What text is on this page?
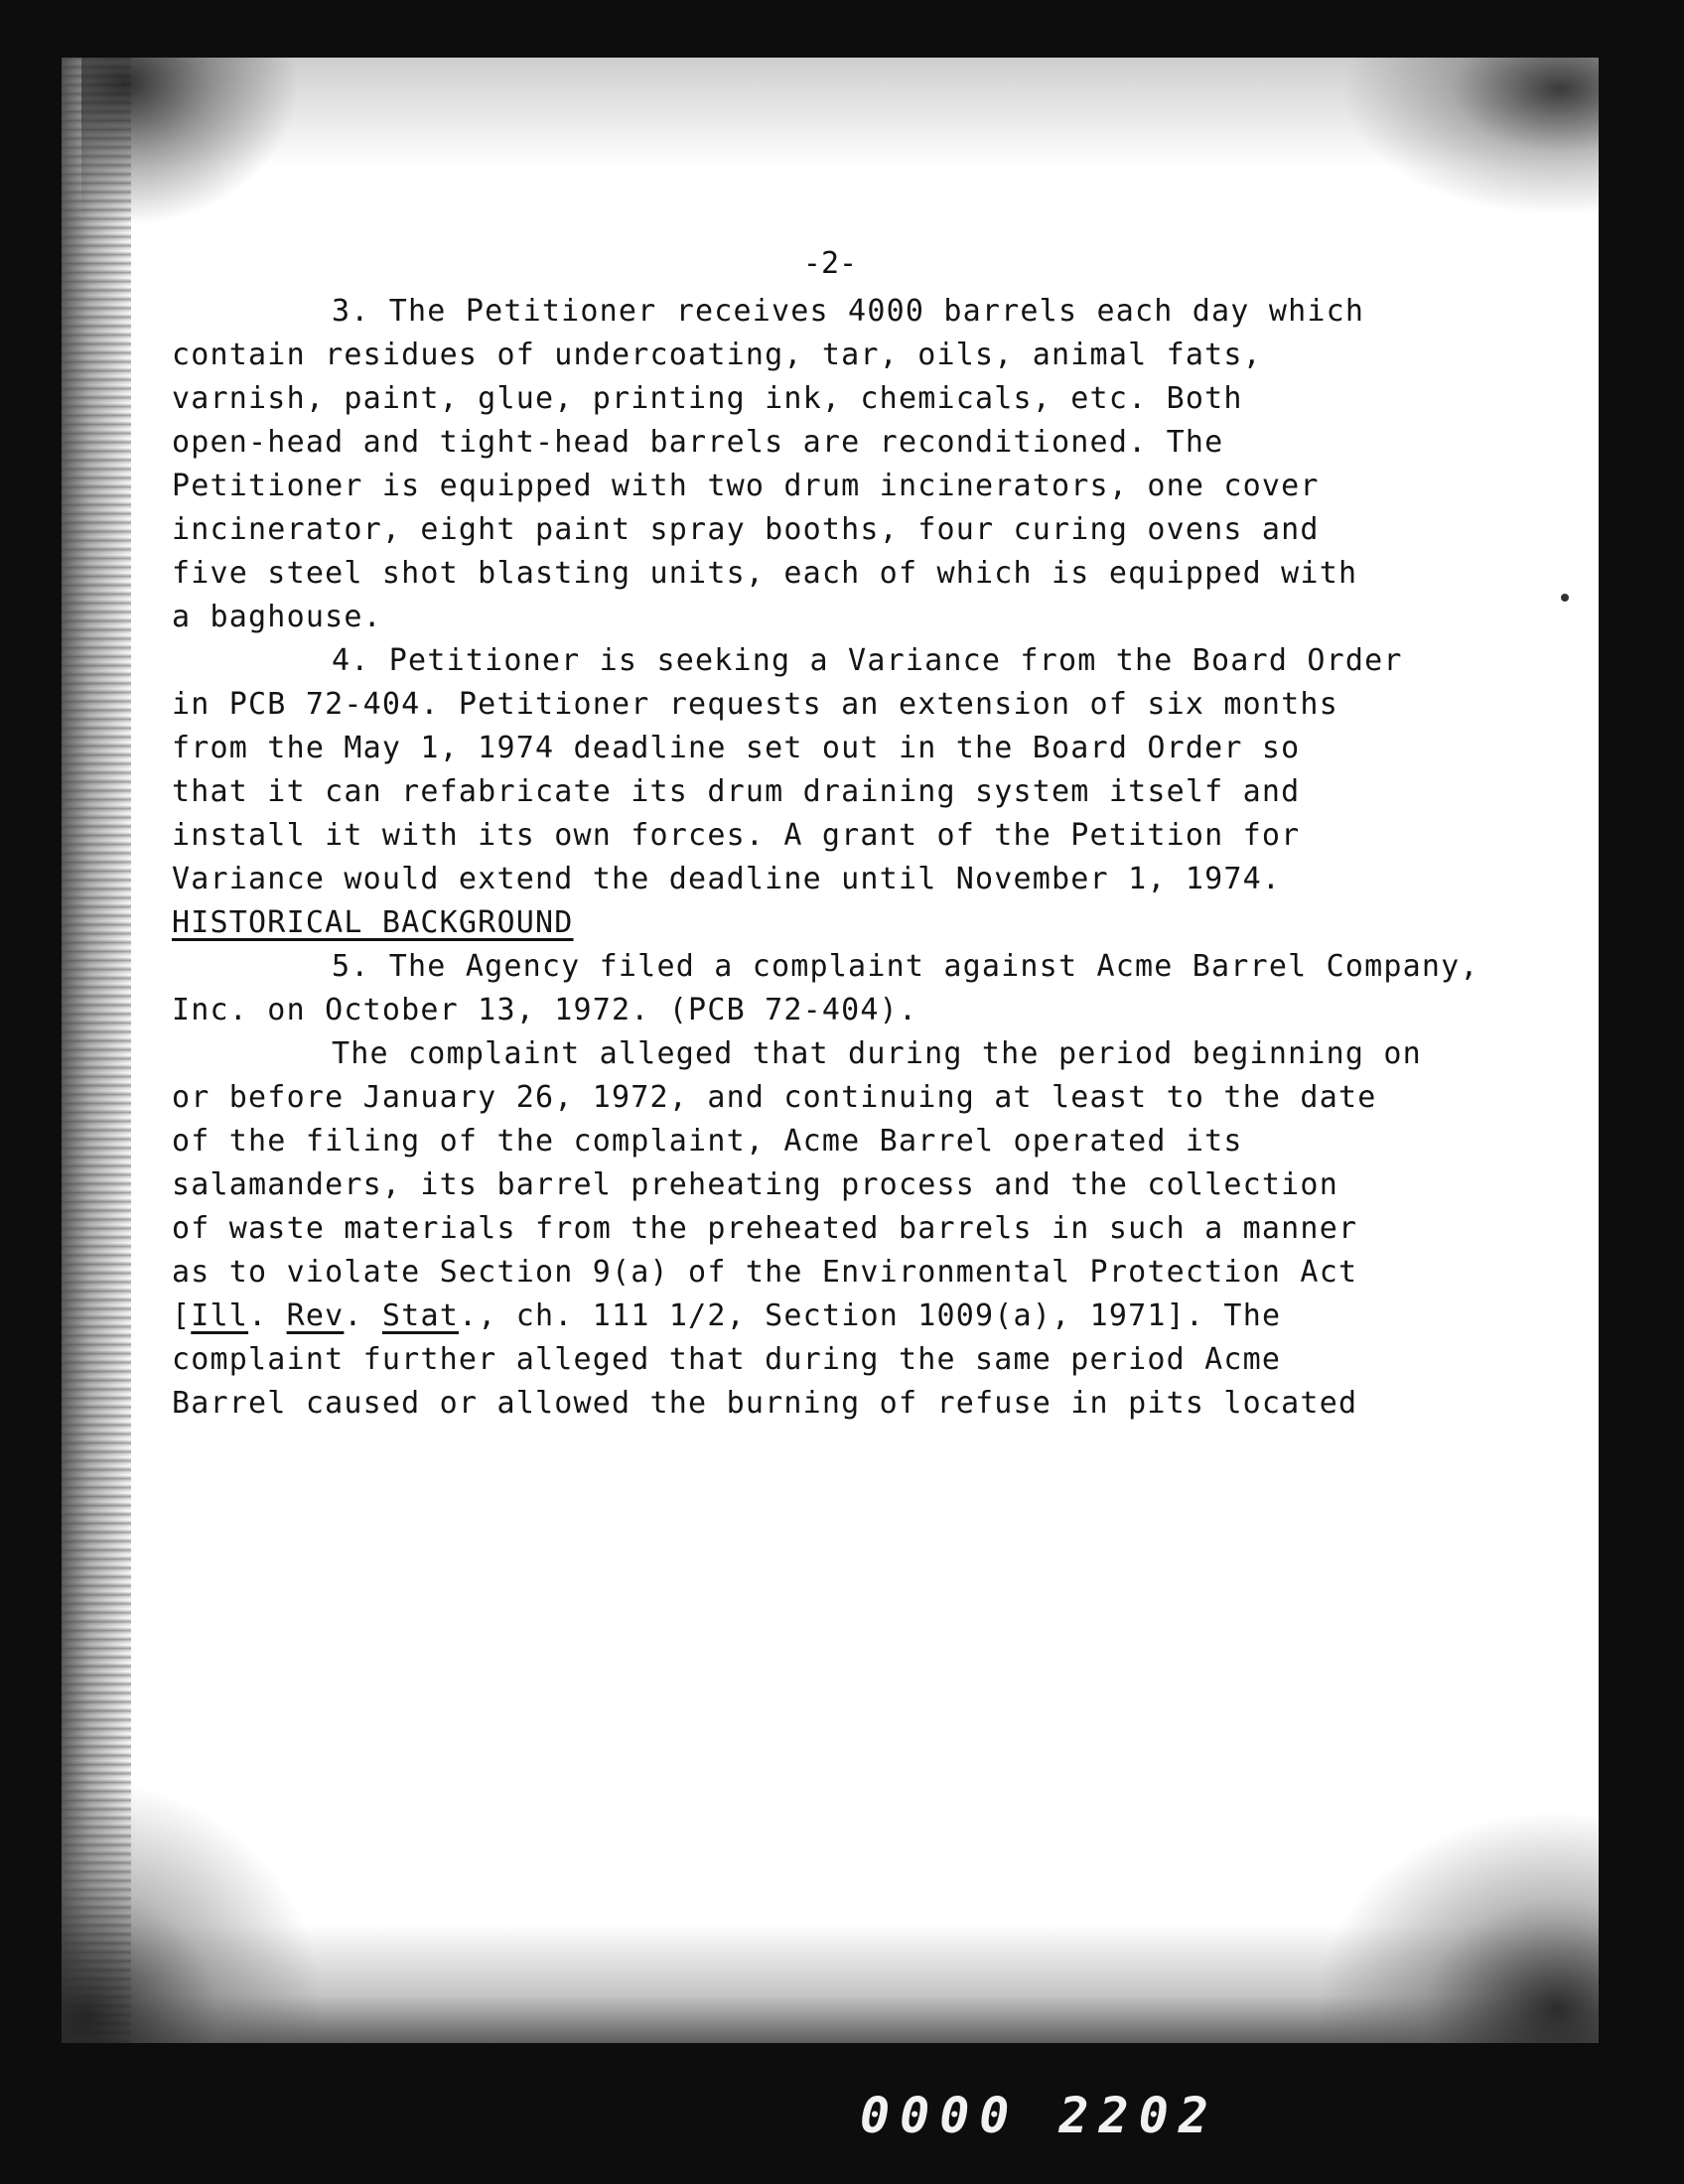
-2-
3. The Petitioner receives 4000 barrels each day which
contain residues of undercoating, tar, oils, animal fats,
varnish, paint, glue, printing ink, chemicals, etc. Both
open-head and tight-head barrels are reconditioned. The
Petitioner is equipped with two drum incinerators, one cover
incinerator, eight paint spray booths, four curing ovens and
five steel shot blasting units, each of which is equipped with
a baghouse.
4. Petitioner is seeking a Variance from the Board Order
in PCB 72-404. Petitioner requests an extension of six months
from the May 1, 1974 deadline set out in the Board Order so
that it can refabricate its drum draining system itself and
install it with its own forces. A grant of the Petition for
Variance would extend the deadline until November 1, 1974.
HISTORICAL BACKGROUND
5. The Agency filed a complaint against Acme Barrel Company,
Inc. on October 13, 1972. (PCB 72-404).
The complaint alleged that during the period beginning on
or before January 26, 1972, and continuing at least to the date
of the filing of the complaint, Acme Barrel operated its
salamanders, its barrel preheating process and the collection
of waste materials from the preheated barrels in such a manner
as to violate Section 9(a) of the Environmental Protection Act
[Ill. Rev. Stat., ch. 111 1/2, Section 1009(a), 1971]. The
complaint further alleged that during the same period Acme
Barrel caused or allowed the burning of refuse in pits located
0000 2202
